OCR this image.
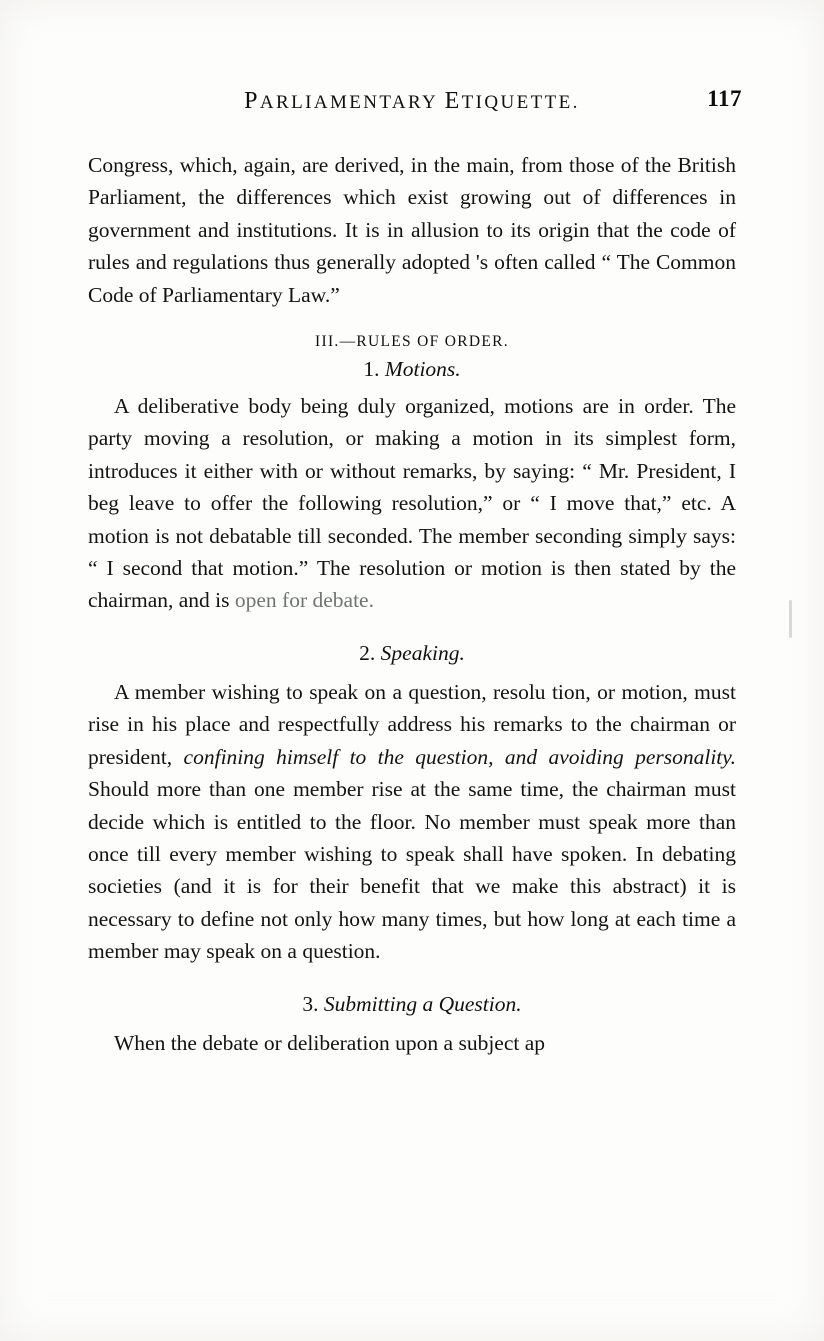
PARLIAMENTARY ETIQUETTE.	117

Congress, which, again, are derived, in the main, from those of the British Parliament, the differences which exist growing out of differences in government and institutions. It is in allusion to its origin that the code of rules and regulations thus generally adopted 's often called “ The Common Code of Parliamentary Law.”

III.—RULES OF ORDER.
1. Motions.

A deliberative body being duly organized, motions are in order. The party moving a resolution, or making a motion in its simplest form, introduces it either with or without remarks, by saying: “ Mr. President, I beg leave to offer the following resolution,” or “ I move that,” etc. A motion is not debatable till seconded. The member seconding simply says: “ I second that motion.” The resolution or motion is then stated by the chairman, and is open for debate.

2. Speaking.

A member wishing to speak on a question, resolu tion, or motion, must rise in his place and respectfully address his remarks to the chairman or president, confining himself to the question, and avoiding personality. Should more than one member rise at the same time, the chairman must decide which is entitled to the floor. No member must speak more than once till every member wishing to speak shall have spoken. In debating societies (and it is for their benefit that we make this abstract) it is necessary to define not only how many times, but how long at each time a member may speak on a question.

3. Submitting a Question.

When the debate or deliberation upon a subject ap
